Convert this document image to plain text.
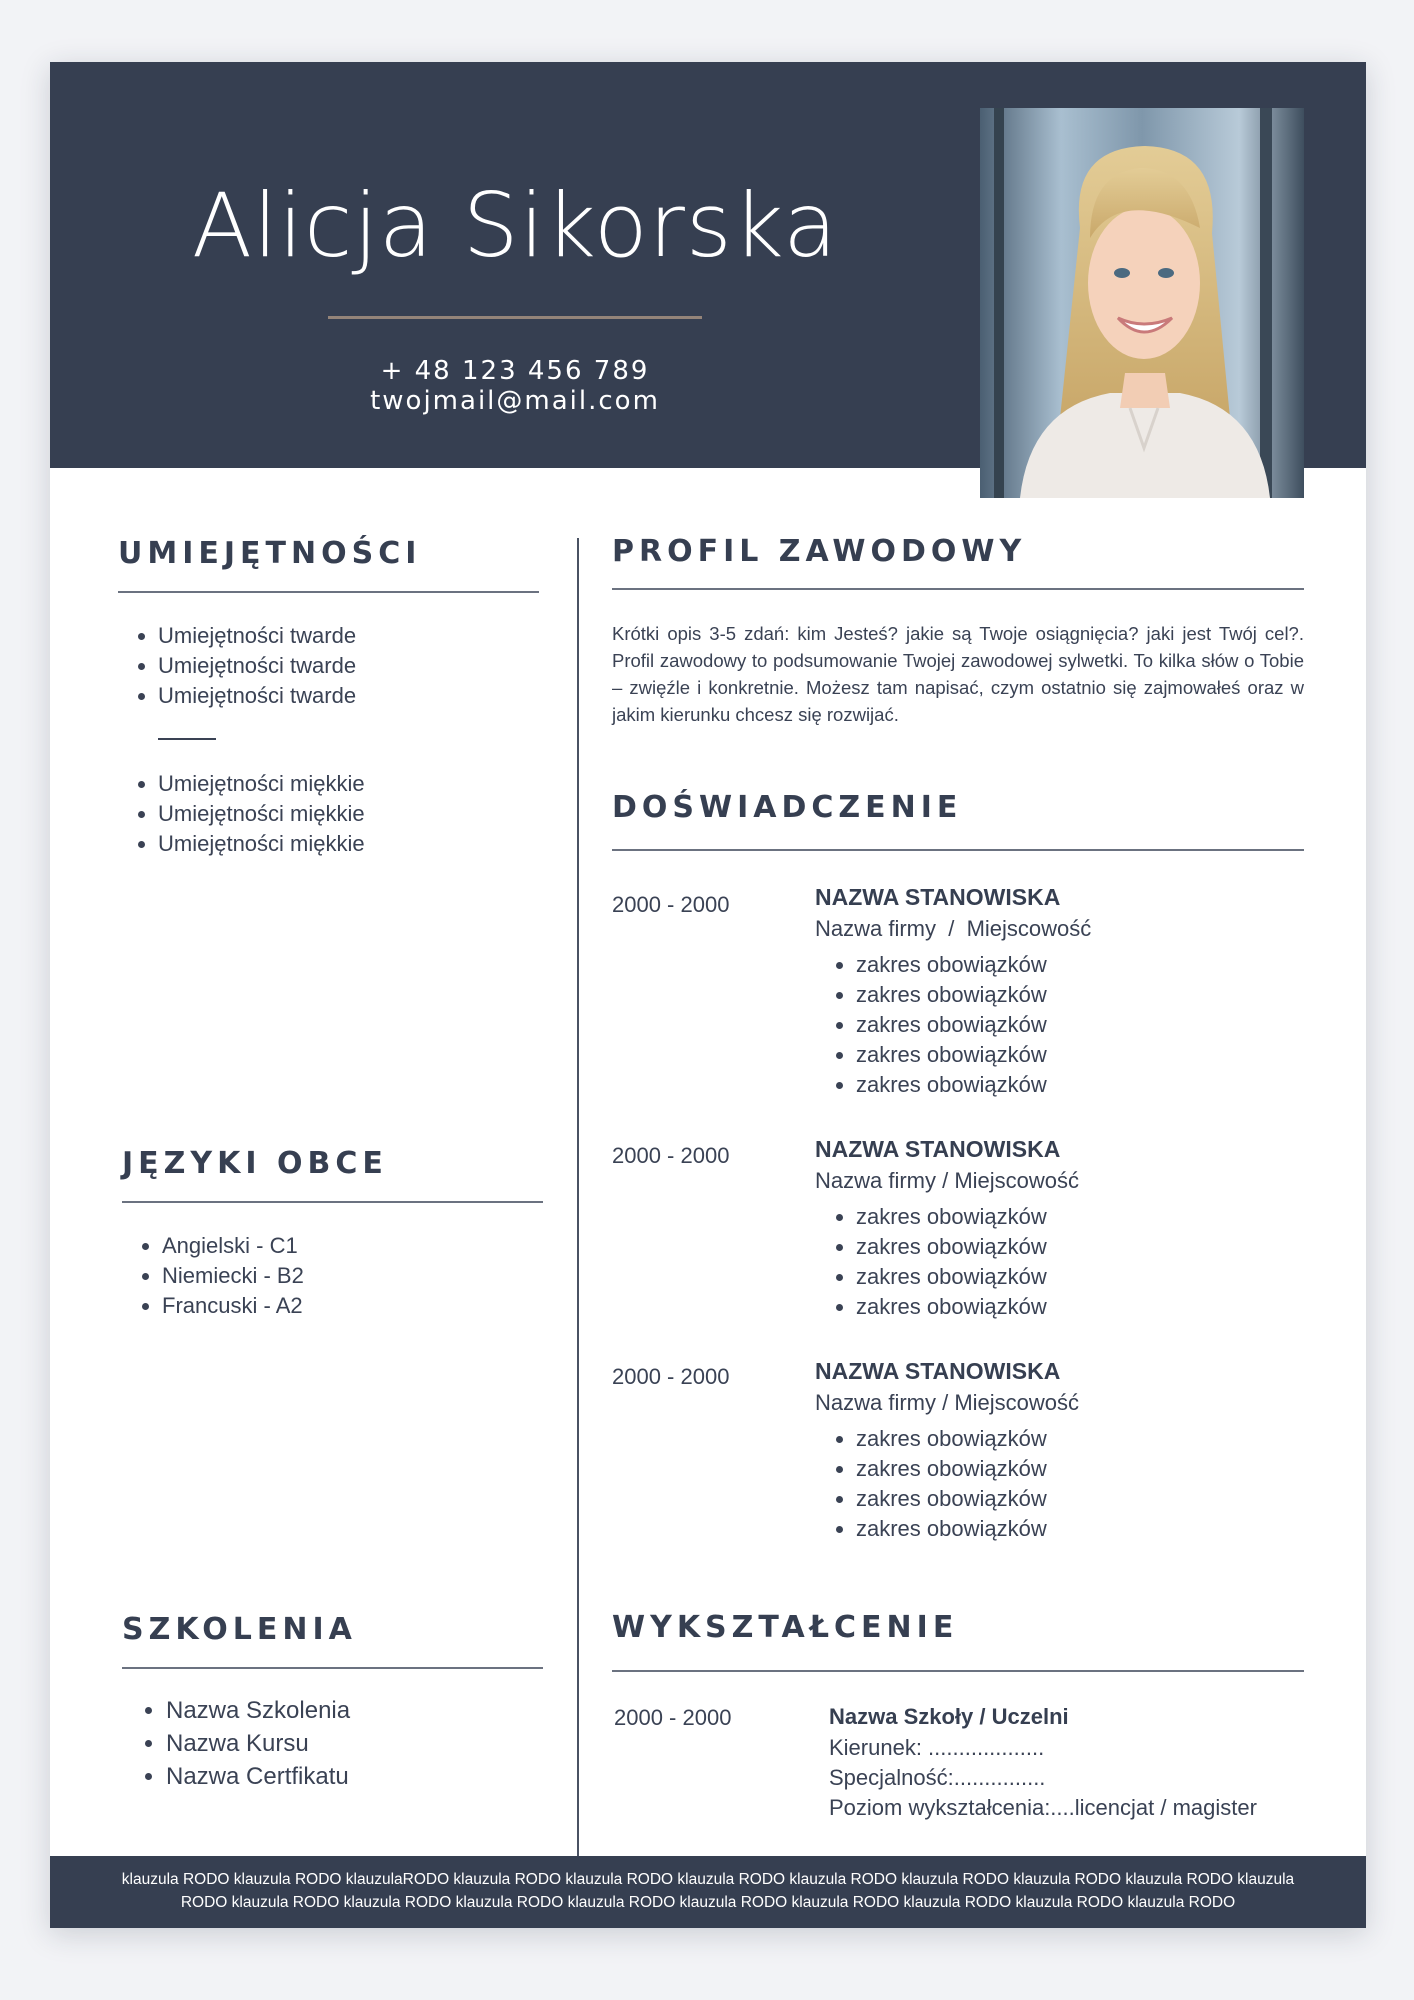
Alicja Sikorska
+ 48 123 456 789
twojmail@mail.com
UMIEJĘTNOŚCI
• Umiejętności twarde
• Umiejętności twarde
• Umiejętności twarde
• Umiejętności miękkie
• Umiejętności miękkie
• Umiejętności miękkie
JĘZYKI OBCE
• Angielski - C1
• Niemiecki - B2
• Francuski - A2
SZKOLENIA
• Nazwa Szkolenia
• Nazwa Kursu
• Nazwa Certfikatu
PROFIL ZAWODOWY
Krótki opis 3-5 zdań: kim Jesteś? jakie są Twoje osiągnięcia? jaki jest Twój cel?. Profil zawodowy to podsumowanie Twojej zawodowej sylwetki. To kilka słów o Tobie – zwięźle i konkretnie. Możesz tam napisać, czym ostatnio się zajmowałeś oraz w jakim kierunku chcesz się rozwijać.
DOŚWIADCZENIE
2000 - 2000	NAZWA STANOWISKA
Nazwa firmy  /  Miejscowość
• zakres obowiązków
• zakres obowiązków
• zakres obowiązków
• zakres obowiązków
• zakres obowiązków
2000 - 2000	NAZWA STANOWISKA
Nazwa firmy / Miejscowość
• zakres obowiązków
• zakres obowiązków
• zakres obowiązków
• zakres obowiązków
2000 - 2000	NAZWA STANOWISKA
Nazwa firmy / Miejscowość
• zakres obowiązków
• zakres obowiązków
• zakres obowiązków
• zakres obowiązków
WYKSZTAŁCENIE
2000 - 2000	Nazwa Szkoły / Uczelni
Kierunek: ...................
Specjalność:...............
Poziom wykształcenia:....licencjat / magister
klauzula RODO klauzula RODO klauzulaRODO klauzula RODO klauzula RODO klauzula RODO klauzula RODO klauzula RODO klauzula RODO klauzula RODO klauzula RODO klauzula RODO klauzula RODO klauzula RODO klauzula RODO klauzula RODO klauzula RODO klauzula RODO klauzula RODO klauzula RODO
